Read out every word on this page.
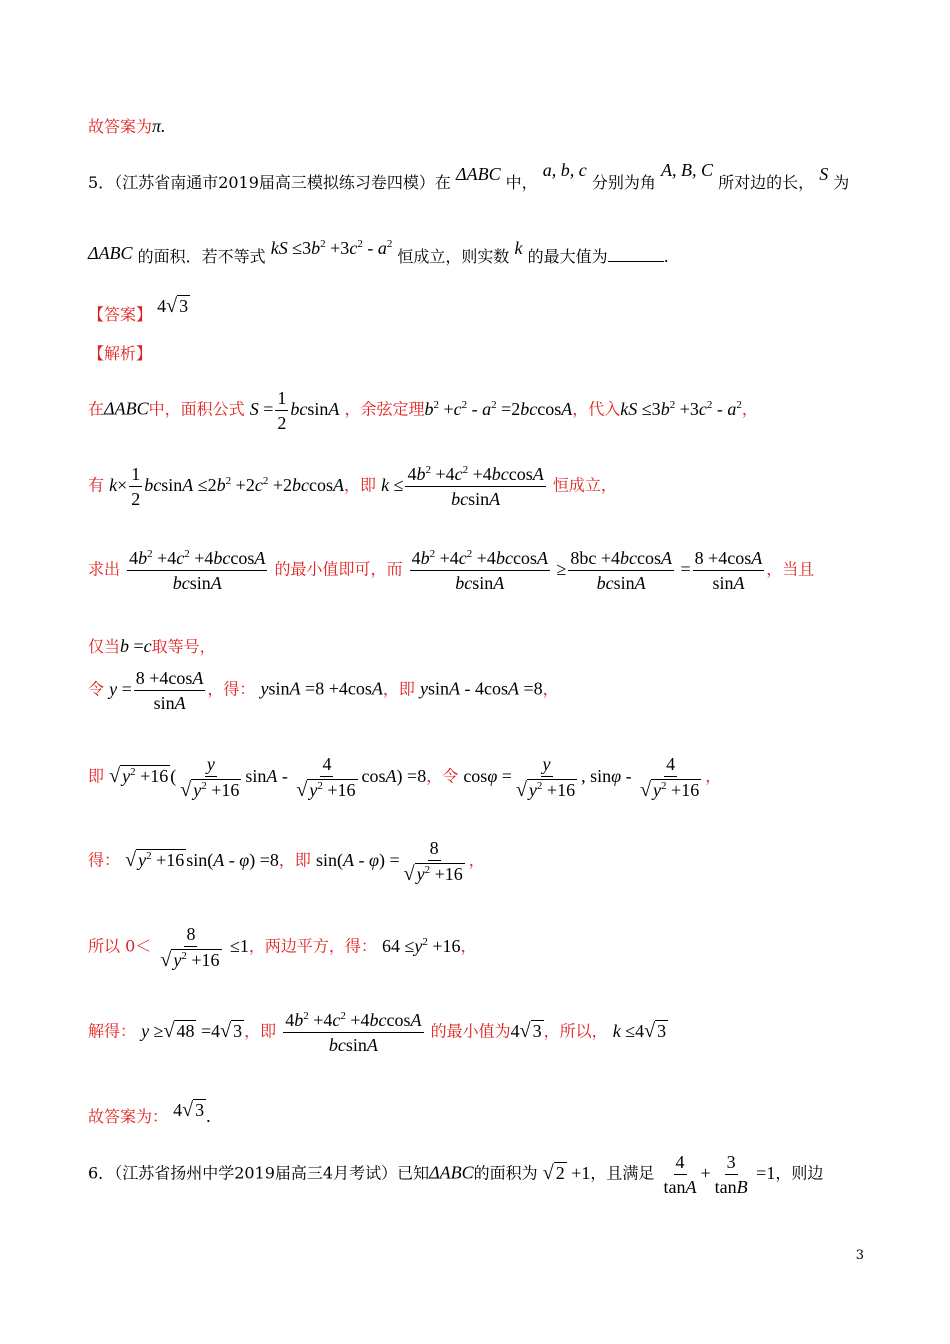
故答案为π.
5．（江苏省南通市2019届高三模拟练习卷四模）在 ΔABC 中， a, b, c 分别为角 A, B, C 所对边的长， S 为
ΔABC 的面积．若不等式 kS $\le 3b^2 +3c^2 - a^2$ 恒成立，则实数 k 的最大值为	.
【答案】 4 √ 3
【解析】
在ΔABC中，面积公式 $S = \frac{1}{2}$ bcsinA ，余弦定理$b^2 +c^2 - a^2 =2bccosA$，代入kS $\le 3b^2 +3c^2 - a^2$，
有 $k\times \frac{1}{2}$ $bcsinA \le 2b^2 +2c^2 +2bccosA$，即 $k \le \frac{4b^2 +4c^2 +4bccosA}{bcsinA}$ 恒成立，
求出 $\frac{4b^2 +4c^2 +4bccosA}{bcsinA}$ 的最小值即可，而 $\frac{4b^2 +4c^2 +4bccosA}{bcsinA} \ge \frac{8bc +4bccosA}{bcsinA} = \frac{8 +4\cos A}{\sin A}$ ，当且
仅当b =c取等号，
令 $y = \frac{8 +4\cos A}{\sin A}$ ，得： ysinA =8 +4cosA，即 ysinA - 4cosA =8，
即 √ $y^2 +16$ ( $\frac{y}{√ y^2 +16}$ $\sin A - \frac{4}{√ y^2 +16} \cos A) =8$，令 $\cos\varphi = \frac{y}{√ y^2 +16}$ , sinφ - $\frac{4}{√ y^2 +16}$ ，
得： √ $y^2 +16$ sin(A - φ) =8，即 $\sin(A - \varphi) = \frac{8}{√ y^2 +16}$ ，
所以 $0< \frac{8}{√ y^2 +16} \le 1$，两边平方，得： $64 \le y^2 +16$，
解得： y ≥ √ 48 =4 √ 3 ，即 $\frac{4b^2 +4c^2 +4bccosA}{bcsinA}$ 的最小值为4 √ 3 ，所以， k ≤4 √ 3
故答案为： 4 √ 3 .
6．（江苏省扬州中学2019届高三4月考试）已知ΔABC的面积为 √ 2 +1，且满足 $\frac{4}{\tan A} + \frac{3}{\tan B} =1$，则边
3
